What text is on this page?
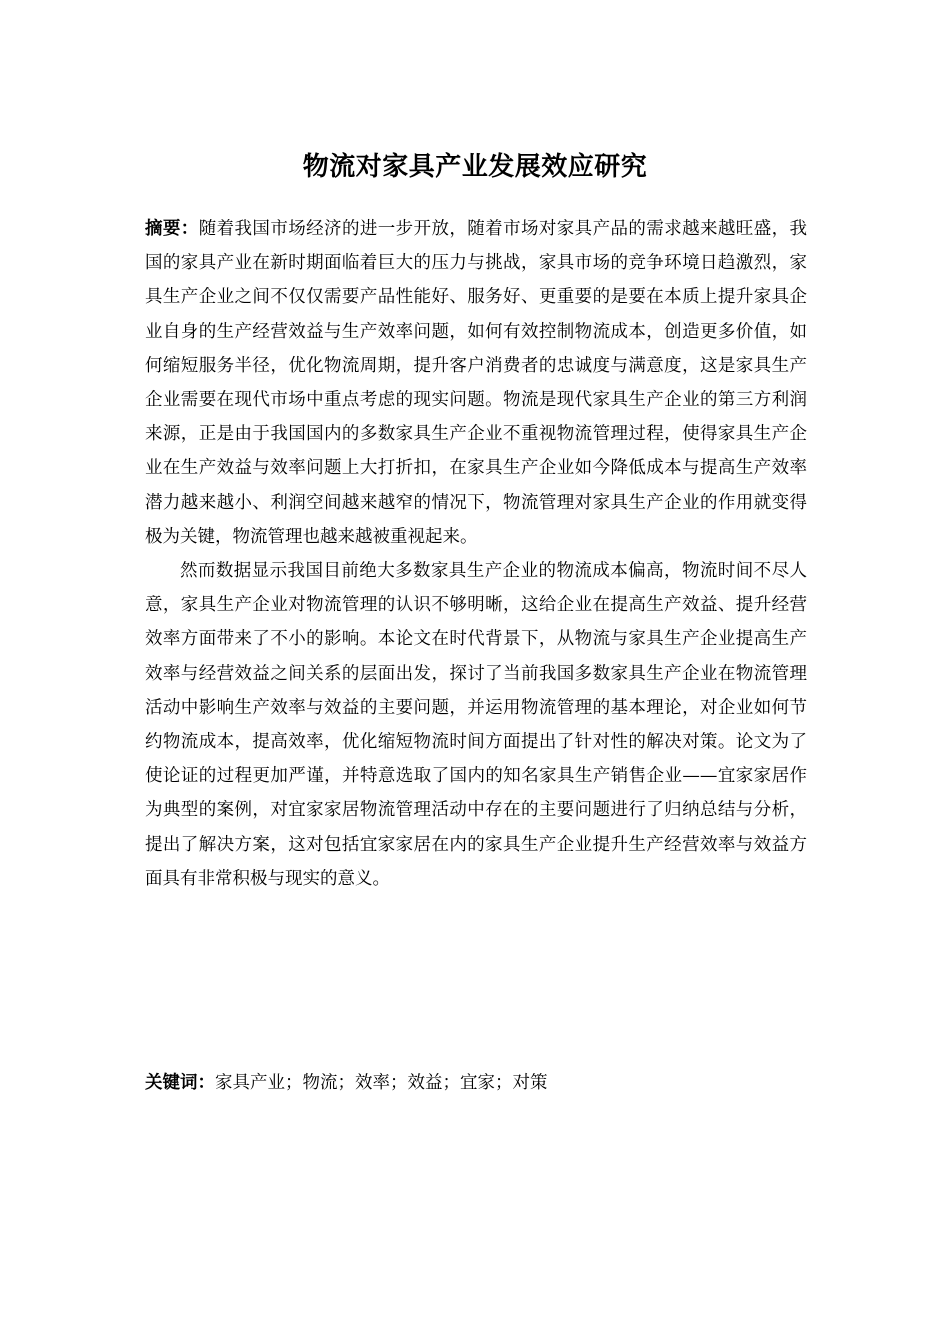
物流对家具产业发展效应研究

摘要：随着我国市场经济的进一步开放，随着市场对家具产品的需求越来越旺盛，我国的家具产业在新时期面临着巨大的压力与挑战，家具市场的竞争环境日趋激烈，家具生产企业之间不仅仅需要产品性能好、服务好、更重要的是要在本质上提升家具企业自身的生产经营效益与生产效率问题，如何有效控制物流成本，创造更多价值，如何缩短服务半径，优化物流周期，提升客户消费者的忠诚度与满意度，这是家具生产企业需要在现代市场中重点考虑的现实问题。物流是现代家具生产企业的第三方利润来源，正是由于我国国内的多数家具生产企业不重视物流管理过程，使得家具生产企业在生产效益与效率问题上大打折扣，在家具生产企业如今降低成本与提高生产效率潜力越来越小、利润空间越来越窄的情况下，物流管理对家具生产企业的作用就变得极为关键，物流管理也越来越被重视起来。

然而数据显示我国目前绝大多数家具生产企业的物流成本偏高，物流时间不尽人意，家具生产企业对物流管理的认识不够明晰，这给企业在提高生产效益、提升经营效率方面带来了不小的影响。本论文在时代背景下，从物流与家具生产企业提高生产效率与经营效益之间关系的层面出发，探讨了当前我国多数家具生产企业在物流管理活动中影响生产效率与效益的主要问题，并运用物流管理的基本理论，对企业如何节约物流成本，提高效率，优化缩短物流时间方面提出了针对性的解决对策。论文为了使论证的过程更加严谨，并特意选取了国内的知名家具生产销售企业——宜家家居作为典型的案例，对宜家家居物流管理活动中存在的主要问题进行了归纳总结与分析，提出了解决方案，这对包括宜家家居在内的家具生产企业提升生产经营效率与效益方面具有非常积极与现实的意义。

关键词：家具产业；物流；效率；效益；宜家；对策
